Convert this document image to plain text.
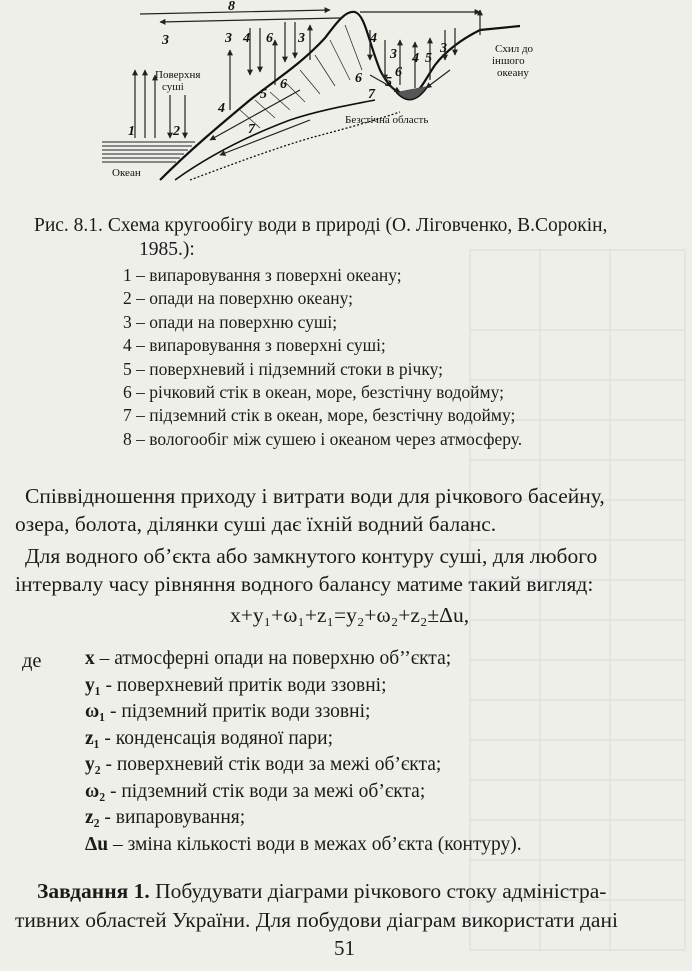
8
3	3 4 6 3	4
3
1	2
4
5
6
7
6
7
5
6
4 5
3
Поверхня суші
Океан
Безстічна область
Схил до іншого океану
Рис. 8.1. Схема кругообігу води в природі (О. Лiговченко, В.Сорокін,
1985.):
1 – випаровування з поверхні океану;
2 – опади на поверхню океану;
3 – опади на поверхню суші;
4 – випаровування з поверхні суші;
5 – поверхневий і підземний стоки в річку;
6 – річковий стік в океан, море, безстічну водойму;
7 – підземний стік в океан, море, безстічну водойму;
8 – вологообіг між сушею і океаном через атмосферу.
Співвідношення приходу і витрати води для річкового басейну,
озера, болота, ділянки суші дає їхній водний баланс.
Для водного об’єкта або замкнутого контуру суші, для любого
інтервалу часу рівняння водного балансу матиме такий вигляд:
x+y₁+ω₁+z₁=y₂+ω₂+z₂±Δu,
де x – атмосферні опади на поверхню об’’єкта;
y₁ - поверхневий притік води ззовні;
ω₁ - підземний притік води ззовні;
z₁ - конденсація водяної пари;
y₂ - поверхневий стік води за межі об’єкта;
ω₂ - підземний стік води за межі об’єкта;
z₂ - випаровування;
Δu – зміна кількості води в межах об’єкта (контуру).
Завдання 1. Побудувати діаграми річкового стоку адміністра-
тивних областей України. Для побудови діаграм використати дані
51
